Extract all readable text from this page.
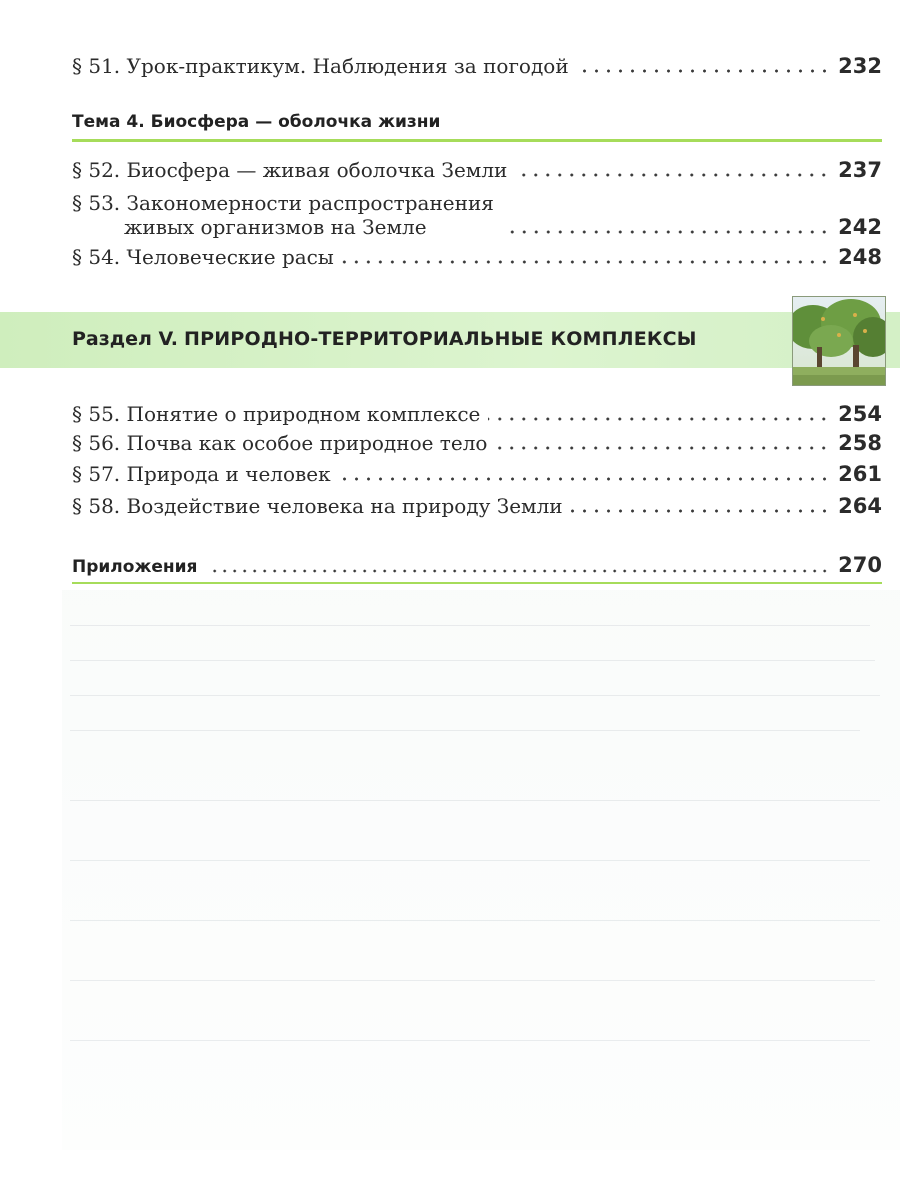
§ 51. Урок-практикум. Наблюдения за погодой	232
Тема 4. Биосфера — оболочка жизни
§ 52. Биосфера — живая оболочка Земли	237
§ 53. Закономерности распространения
живых организмов на Земле	242
§ 54. Человеческие расы	248
Раздел V. ПРИРОДНО-ТЕРРИТОРИАЛЬНЫЕ КОМПЛЕКСЫ
§ 55. Понятие о природном комплексе	254
§ 56. Почва как особое природное тело	258
§ 57. Природа и человек	261
§ 58. Воздействие человека на природу Земли	264
Приложения	270
